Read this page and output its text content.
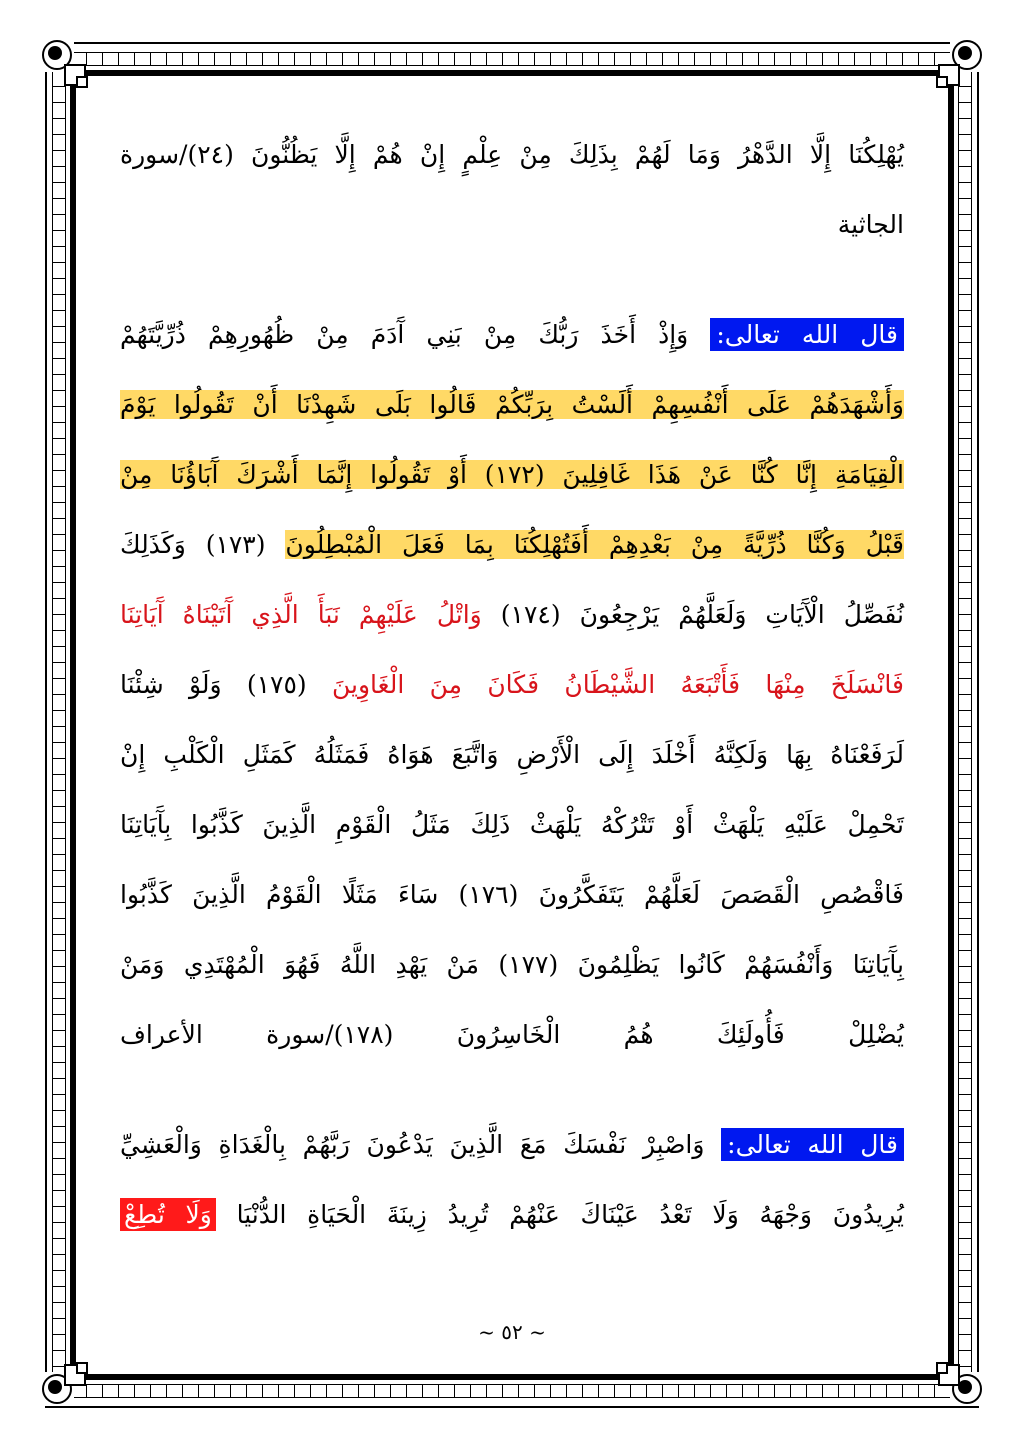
يُهْلِكُنَا إِلَّا الدَّهْرُ وَمَا لَهُمْ بِذَلِكَ مِنْ عِلْمٍ إِنْ هُمْ إِلَّا يَظُنُّونَ (٢٤)/سورة
الجاثية
قال الله تعالى: وَإِذْ أَخَذَ رَبُّكَ مِنْ بَنِي آَدَمَ مِنْ ظُهُورِهِمْ ذُرِّيَّتَهُمْ
وَأَشْهَدَهُمْ عَلَى أَنْفُسِهِمْ أَلَسْتُ بِرَبِّكُمْ قَالُوا بَلَى شَهِدْنَا أَنْ تَقُولُوا يَوْمَ
الْقِيَامَةِ إِنَّا كُنَّا عَنْ هَذَا غَافِلِينَ (١٧٢) أَوْ تَقُولُوا إِنَّمَا أَشْرَكَ آَبَاؤُنَا مِنْ
قَبْلُ وَكُنَّا ذُرِّيَّةً مِنْ بَعْدِهِمْ أَفَتُهْلِكُنَا بِمَا فَعَلَ الْمُبْطِلُونَ (١٧٣) وَكَذَلِكَ
نُفَصِّلُ الْآَيَاتِ وَلَعَلَّهُمْ يَرْجِعُونَ (١٧٤) وَاتْلُ عَلَيْهِمْ نَبَأَ الَّذِي آَتَيْنَاهُ آَيَاتِنَا
فَانْسَلَخَ مِنْهَا فَأَتْبَعَهُ الشَّيْطَانُ فَكَانَ مِنَ الْغَاوِينَ (١٧٥) وَلَوْ شِئْنَا
لَرَفَعْنَاهُ بِهَا وَلَكِنَّهُ أَخْلَدَ إِلَى الْأَرْضِ وَاتَّبَعَ هَوَاهُ فَمَثَلُهُ كَمَثَلِ الْكَلْبِ إِنْ
تَحْمِلْ عَلَيْهِ يَلْهَثْ أَوْ تَتْرُكْهُ يَلْهَثْ ذَلِكَ مَثَلُ الْقَوْمِ الَّذِينَ كَذَّبُوا بِآَيَاتِنَا
فَاقْصُصِ الْقَصَصَ لَعَلَّهُمْ يَتَفَكَّرُونَ (١٧٦) سَاءَ مَثَلًا الْقَوْمُ الَّذِينَ كَذَّبُوا
بِآَيَاتِنَا وَأَنْفُسَهُمْ كَانُوا يَظْلِمُونَ (١٧٧) مَنْ يَهْدِ اللَّهُ فَهُوَ الْمُهْتَدِي وَمَنْ
يُضْلِلْ فَأُولَئِكَ هُمُ الْخَاسِرُونَ (١٧٨)/سورة الأعراف
قال الله تعالى: وَاصْبِرْ نَفْسَكَ مَعَ الَّذِينَ يَدْعُونَ رَبَّهُمْ بِالْغَدَاةِ وَالْعَشِيِّ
يُرِيدُونَ وَجْهَهُ وَلَا تَعْدُ عَيْنَاكَ عَنْهُمْ تُرِيدُ زِينَةَ الْحَيَاةِ الدُّنْيَا وَلَا تُطِعْ
~ ٥٢ ~
